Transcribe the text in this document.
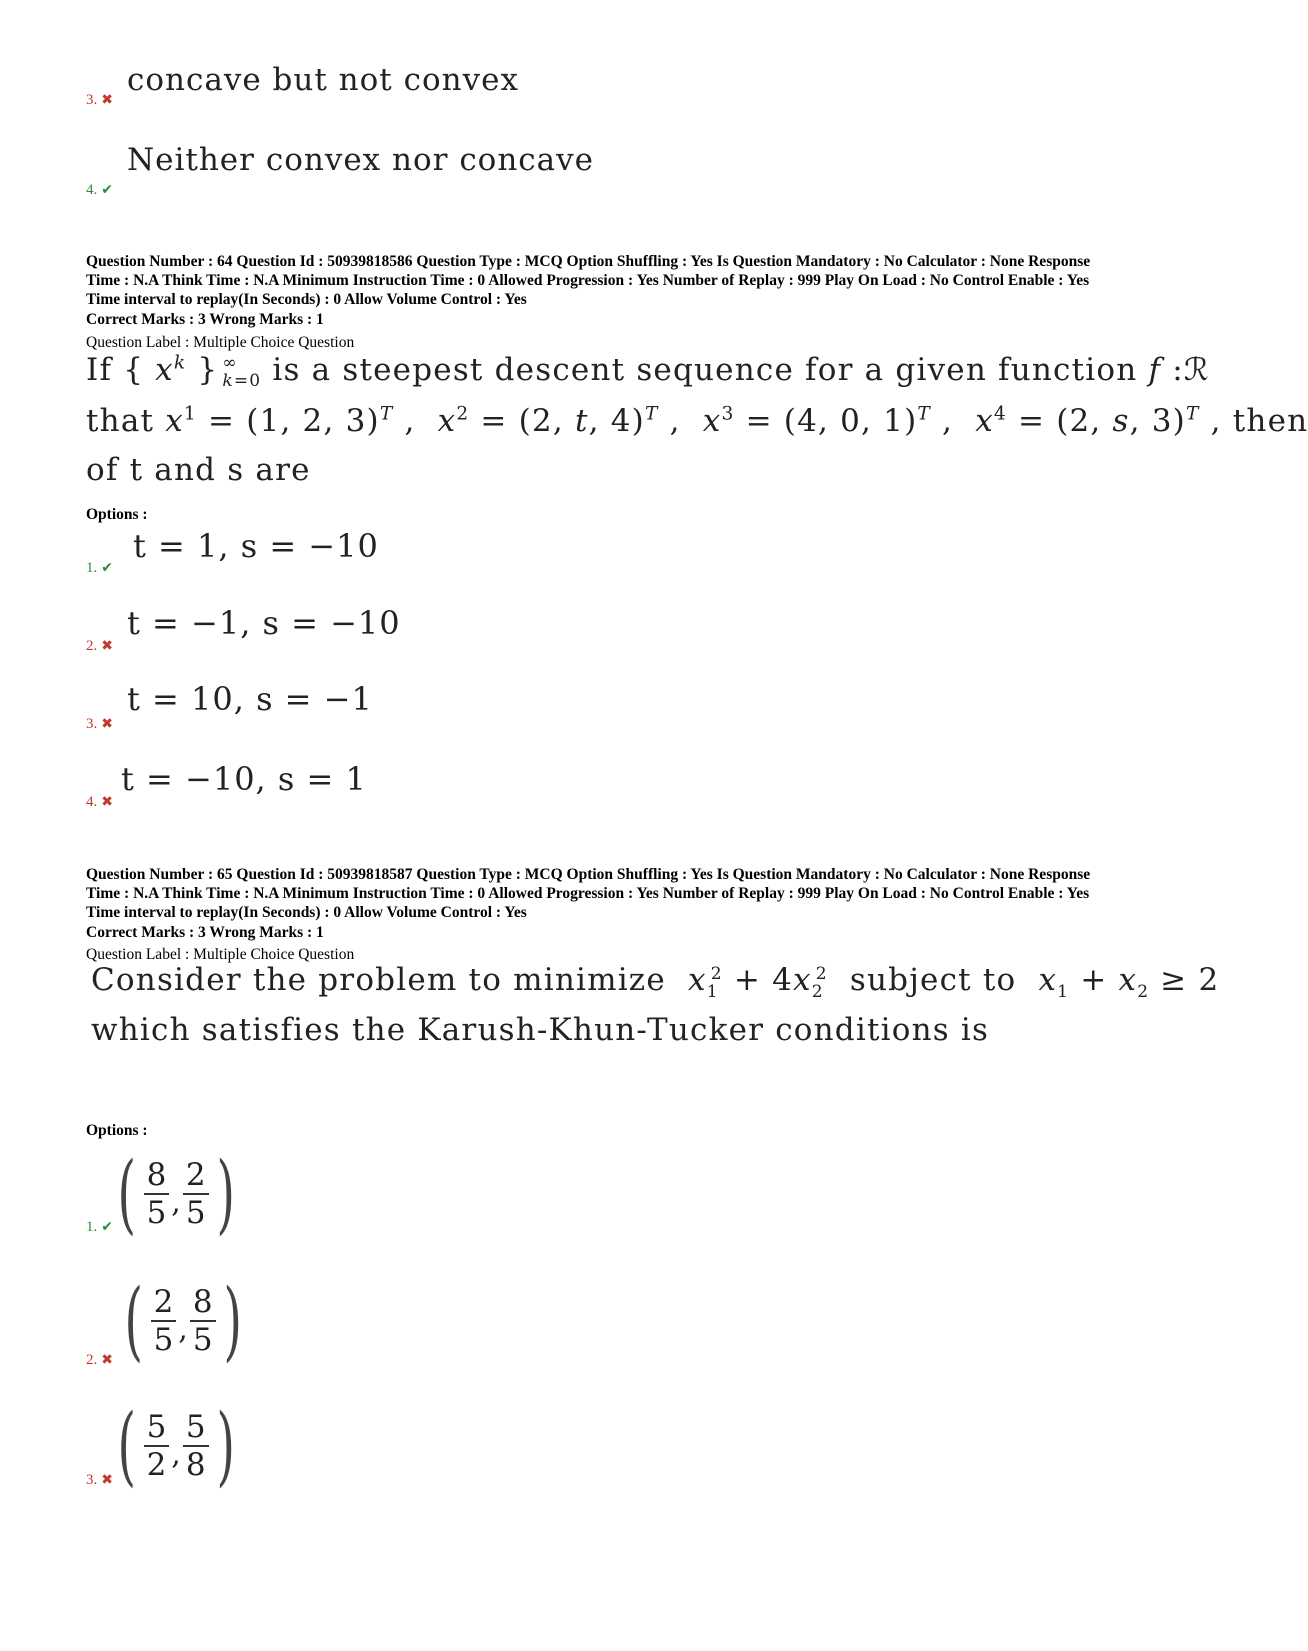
concave but not convex
3. ✖
Neither convex nor concave
4. ✔
Question Number : 64 Question Id : 50939818586 Question Type : MCQ Option Shuffling : Yes Is Question Mandatory : No Calculator : None Response
Time : N.A Think Time : N.A Minimum Instruction Time : 0 Allowed Progression : Yes Number of Replay : 999 Play On Load : No Control Enable : Yes
Time interval to replay(In Seconds) : 0 Allow Volume Control : Yes
Correct Marks : 3 Wrong Marks : 1
Question Label : Multiple Choice Question
If { $x^k$ } ∞
k=0 is a steepest descent sequence for a given function f :ℛ
that $x^1 = (1$, 2, 3)$^T$ ,  $x^2 = (2$, t, 4)$^T$ ,  $x^3 = (4$, 0, 1)$^T$ ,  $x^4 = (2$, s, 3)$^T$ , then
of t and s are
Options :
t = 1, s = −10
1. ✔
t = −1, s = −10
2. ✖
t = 10, s = −1
3. ✖
t = −10, s = 1
4. ✖
Question Number : 65 Question Id : 50939818587 Question Type : MCQ Option Shuffling : Yes Is Question Mandatory : No Calculator : None Response
Time : N.A Think Time : N.A Minimum Instruction Time : 0 Allowed Progression : Yes Number of Replay : 999 Play On Load : No Control Enable : Yes
Time interval to replay(In Seconds) : 0 Allow Volume Control : Yes
Correct Marks : 3 Wrong Marks : 1
Question Label : Multiple Choice Question
Consider the problem to minimize $x_1^2 + 4x_2^2$ subject to $x_1 + x_2 \ge 2$
which satisfies the Karush-Khun-Tucker conditions is
Options :
( $\frac{8}{5}$ , $\frac{2}{5}$ )
1. ✔
( $\frac{2}{5}$ , $\frac{8}{5}$ )
2. ✖
( $\frac{5}{2}$ , $\frac{5}{8}$ )
3. ✖
